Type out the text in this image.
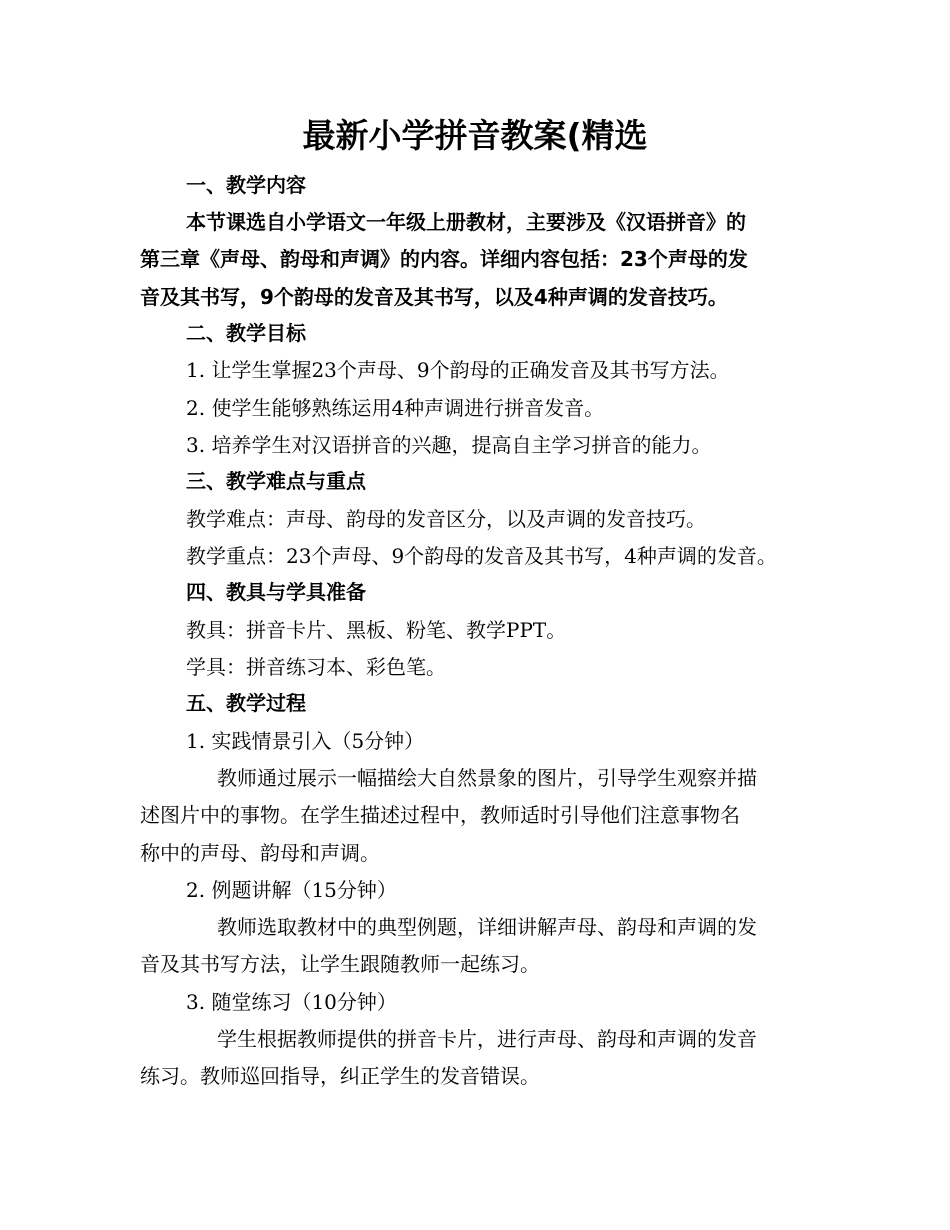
最新小学拼音教案(精选
一、教学内容
本节课选自小学语文一年级上册教材，主要涉及《汉语拼音》的
第三章《声母、韵母和声调》的内容。详细内容包括：23个声母的发
音及其书写，9个韵母的发音及其书写，以及4种声调的发音技巧。
二、教学目标
1. 让学生掌握23个声母、9个韵母的正确发音及其书写方法。
2. 使学生能够熟练运用4种声调进行拼音发音。
3. 培养学生对汉语拼音的兴趣，提高自主学习拼音的能力。
三、教学难点与重点
教学难点：声母、韵母的发音区分，以及声调的发音技巧。
教学重点：23个声母、9个韵母的发音及其书写，4种声调的发音。
四、教具与学具准备
教具：拼音卡片、黑板、粉笔、教学PPT。
学具：拼音练习本、彩色笔。
五、教学过程
1. 实践情景引入（5分钟）
教师通过展示一幅描绘大自然景象的图片，引导学生观察并描
述图片中的事物。在学生描述过程中，教师适时引导他们注意事物名
称中的声母、韵母和声调。
2. 例题讲解（15分钟）
教师选取教材中的典型例题，详细讲解声母、韵母和声调的发
音及其书写方法，让学生跟随教师一起练习。
3. 随堂练习（10分钟）
学生根据教师提供的拼音卡片，进行声母、韵母和声调的发音
练习。教师巡回指导，纠正学生的发音错误。
